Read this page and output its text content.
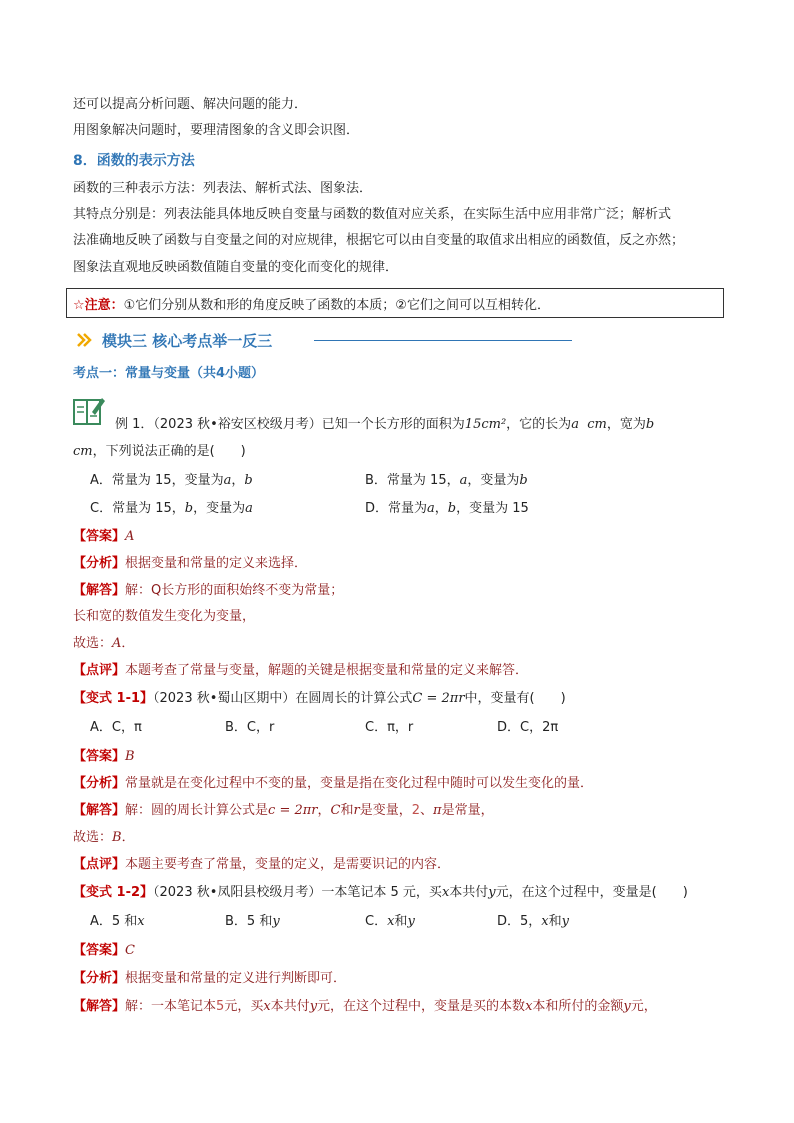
还可以提高分析问题、解决问题的能力．
用图象解决问题时，要理清图象的含义即会识图．
8．函数的表示方法
函数的三种表示方法：列表法、解析式法、图象法．
其特点分别是：列表法能具体地反映自变量与函数的数值对应关系，在实际生活中应用非常广泛；解析式
法准确地反映了函数与自变量之间的对应规律，根据它可以由自变量的取值求出相应的函数值，反之亦然；
图象法直观地反映函数值随自变量的变化而变化的规律．
☆注意：①它们分别从数和形的角度反映了函数的本质；②它们之间可以互相转化．
模块三 核心考点举一反三
考点一：常量与变量（共4小题）
例 1．（2023 秋•裕安区校级月考）已知一个长方形的面积为15cm²，它的长为a cm，宽为b
cm，下列说法正确的是(　　)
A．常量为 15，变量为a，b	B．常量为 15，a，变量为b
C．常量为 15，b，变量为a	D．常量为a，b，变量为 15
【答案】A
【分析】根据变量和常量的定义来选择．
【解答】解：Q长方形的面积始终不变为常量；
长和宽的数值发生变化为变量，
故选：A．
【点评】本题考查了常量与变量，解题的关键是根据变量和常量的定义来解答．
【变式 1-1】（2023 秋•蜀山区期中）在圆周长的计算公式C = 2πr中，变量有(　　)
A．C，π	B．C，r	C．π，r	D．C，2π
【答案】B
【分析】常量就是在变化过程中不变的量，变量是指在变化过程中随时可以发生变化的量．
【解答】解：圆的周长计算公式是c = 2πr，C和r是变量，2、π是常量，
故选：B．
【点评】本题主要考查了常量，变量的定义，是需要识记的内容．
【变式 1-2】（2023 秋•凤阳县校级月考）一本笔记本 5 元，买x本共付y元，在这个过程中，变量是(　　)
A．5 和x	B．5 和y	C．x和y	D．5，x和y
【答案】C
【分析】根据变量和常量的定义进行判断即可．
【解答】解：一本笔记本5元，买x本共付y元，在这个过程中，变量是买的本数x本和所付的金额y元，
